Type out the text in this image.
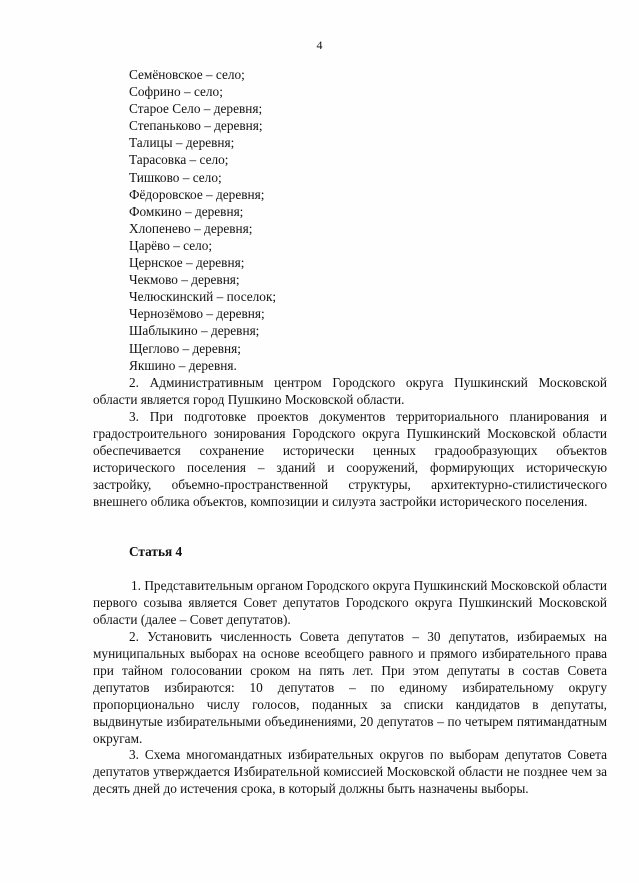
4
Семёновское – село;
Софрино – село;
Старое Село – деревня;
Степаньково – деревня;
Талицы – деревня;
Тарасовка – село;
Тишково – село;
Фёдоровское – деревня;
Фомкино – деревня;
Хлопенево – деревня;
Царёво – село;
Цернское – деревня;
Чекмово – деревня;
Челюскинский – поселок;
Чернозёмово – деревня;
Шаблыкино – деревня;
Щеглово – деревня;
Якшино – деревня.

2. Административным центром Городского округа Пушкинский Московской области является город Пушкино Московской области.

3. При подготовке проектов документов территориального планирования и градостроительного зонирования Городского округа Пушкинский Московской области обеспечивается сохранение исторически ценных градообразующих объектов исторического поселения – зданий и сооружений, формирующих историческую застройку, объемно-пространственной структуры, архитектурно-стилистического внешнего облика объектов, композиции и силуэта застройки исторического поселения.

Статья 4

1. Представительным органом Городского округа Пушкинский Московской области первого созыва является Совет депутатов Городского округа Пушкинский Московской области (далее – Совет депутатов).

2. Установить численность Совета депутатов – 30 депутатов, избираемых на муниципальных выборах на основе всеобщего равного и прямого избирательного права при тайном голосовании сроком на пять лет. При этом депутаты в состав Совета депутатов избираются: 10 депутатов – по единому избирательному округу пропорционально числу голосов, поданных за списки кандидатов в депутаты, выдвинутые избирательными объединениями, 20 депутатов – по четырем пятимандатным округам.

3. Схема многомандатных избирательных округов по выборам депутатов Совета депутатов утверждается Избирательной комиссией Московской области не позднее чем за десять дней до истечения срока, в который должны быть назначены выборы.
